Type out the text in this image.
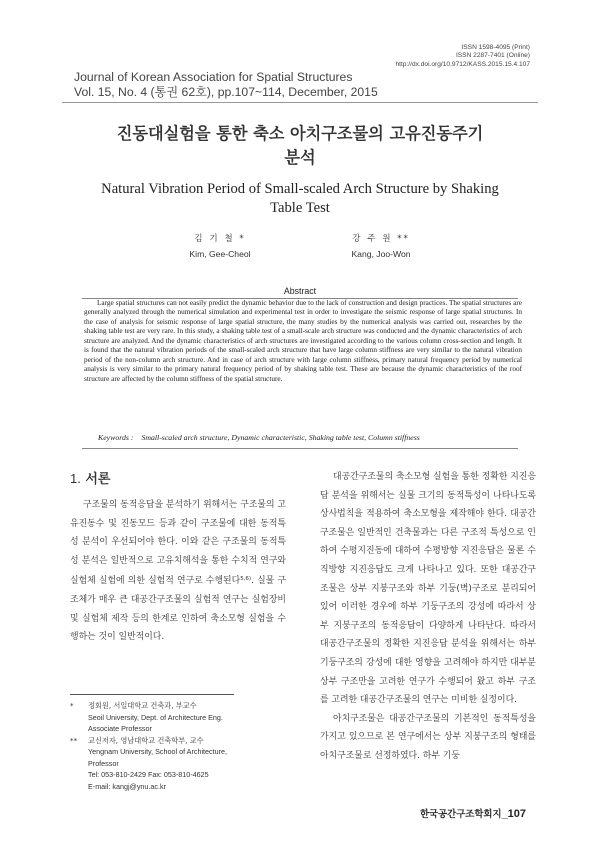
ISSN 1598-4095 (Print)
ISSN 2287-7401 (Online)
http://dx.doi.org/10.9712/KASS.2015.15.4.107
Journal of Korean Association for Spatial Structures
Vol. 15, No. 4 (통권 62호), pp.107~114, December, 2015
진동대실험을 통한 축소 아치구조물의 고유진동주기
분석
Natural Vibration Period of Small-scaled Arch Structure by Shaking
Table Test
김 기 철 *
Kim, Gee-Cheol
강 주 원 **
Kang, Joo-Won
Abstract
Large spatial structures can not easily predict the dynamic behavior due to the lack of construction and design practices. The spatial structures are generally analyzed through the numerical simulation and experimental test in order to investigate the seismic response of large spatial structures. In the case of analysis for seismic response of large spatial structure, the many studies by the numerical analysis was carried out, researches by the shaking table test are very rare. In this study, a shaking table test of a small-scale arch structure was conducted and the dynamic characteristics of arch structure are analyzed. And the dynamic characteristics of arch structures are investigated according to the various column cross-section and length. It is found that the natural vibration periods of the small-scaled arch structure that have large column stiffness are very similar to the natural vibration period of the non-column arch structure. And in case of arch structure with large column stiffness, primary natural frequency period by numerical analysis is very similar to the primary natural frequency period of by shaking table test. These are because the dynamic characteristics of the roof structure are affected by the column stiffness of the spatial structure.
Keywords : Small-scaled arch structure, Dynamic characteristic, Shaking table test, Column stiffness
1. 서론
구조물의 동적응답을 분석하기 위해서는 구조물의 고유진동수 및 진동모드 등과 같이 구조물에 대한 동적특성 분석이 우선되어야 한다. 이와 같은 구조물의 동적특성 분석은 일반적으로 고유치해석을 통한 수치적 연구와 실험체 실험에 의한 실험적 연구로 수행된다$^{5,6)}$. 실물 구조체가 매우 큰 대공간구조물의 실험적 연구는 실험장비 및 실험체 제작 등의 한계로 인하여 축소모형 실험을 수행하는 것이 일반적이다.
* 정회원, 서일대학교 건축과, 부교수
Seoil University, Dept. of Architecture Eng.
Associate Professor
** 교신저자, 영남대학교 건축학부, 교수
Yengnam University, School of Architecture,
Professor
Tel: 053-810-2429 Fax: 053-810-4625
E-mail: kangj@ynu.ac.kr

대공간구조물의 축소모형 실험을 통한 정확한 지진응답 분석을 위해서는 실물 크기의 동적특성이 나타나도록 상사법칙을 적용하여 축소모형을 제작해야 한다. 대공간구조물은 일반적인 건축물과는 다른 구조적 특성으로 인하여 수평지진동에 대하여 수평방향 지진응답은 물론 수직방향 지진응답도 크게 나타나고 있다. 또한 대공간구조물은 상부 지붕구조와 하부 기둥(벽)구조로 분리되어 있어 이러한 경우에 하부 기둥구조의 강성에 따라서 상부 지붕구조의 동적응답이 다양하게 나타난다. 따라서 대공간구조물의 정확한 지진응답 분석을 위해서는 하부 기둥구조의 강성에 대한 영향을 고려해야 하지만 대부분 상부 구조만을 고려한 연구가 수행되어 왔고 하부 구조를 고려한 대공간구조물의 연구는 미비한 실정이다.

아치구조물은 대공간구조물의 기본적인 동적특성을 가지고 있으므로 본 연구에서는 상부 지붕구조의 형태를 아치구조물로 선정하였다. 하부 기둥

한국공간구조학회지_107
